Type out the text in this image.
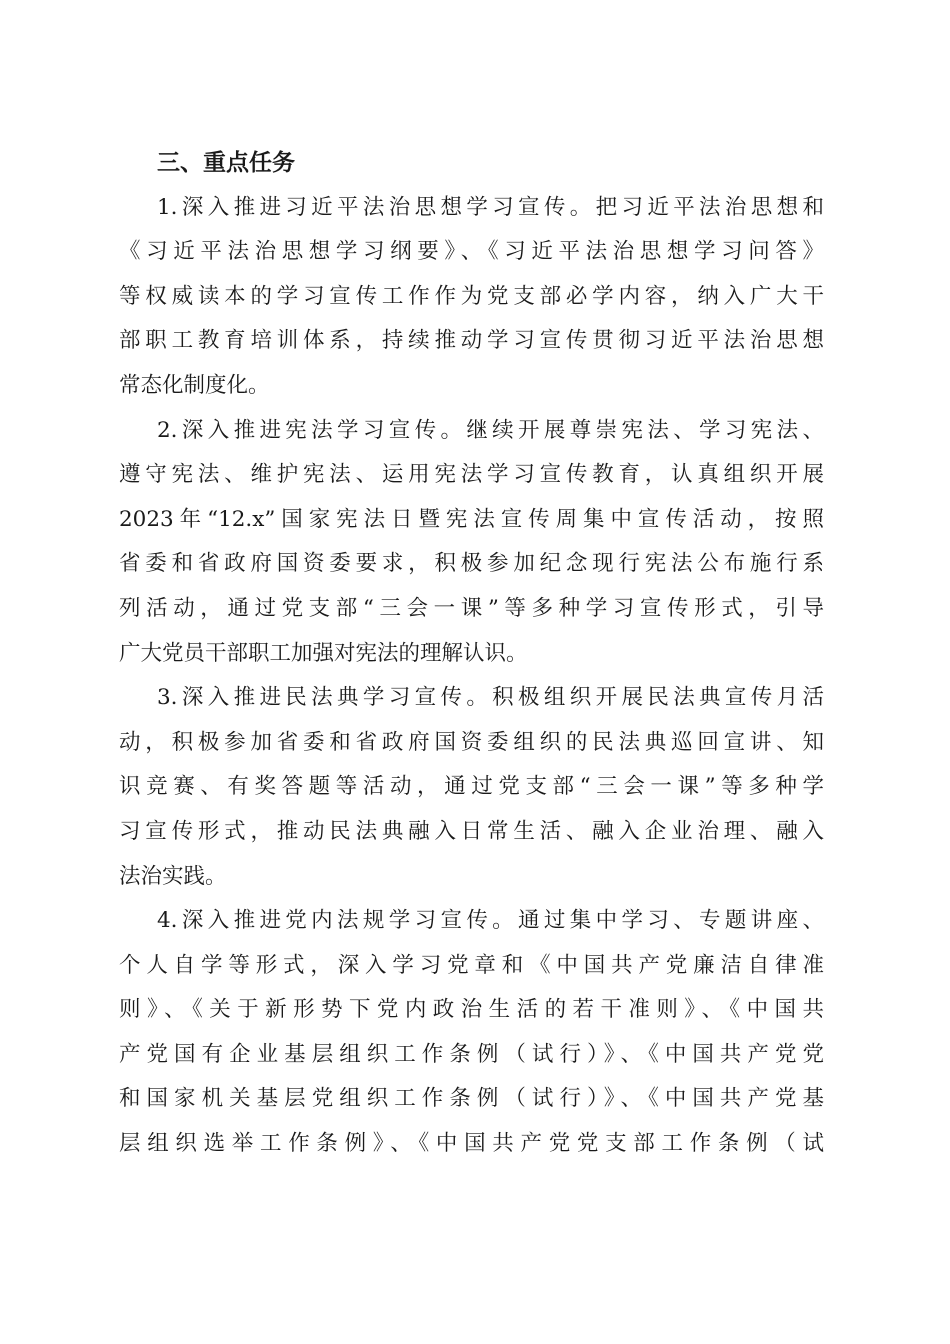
三、重点任务

1.深入推进习近平法治思想学习宣传。把习近平法治思想和
《习近平法治思想学习纲要》、《习近平法治思想学习问答》
等权威读本的学习宣传工作作为党支部必学内容，纳入广大干
部职工教育培训体系，持续推动学习宣传贯彻习近平法治思想
常态化制度化。

2.深入推进宪法学习宣传。继续开展尊崇宪法、学习宪法、
遵守宪法、维护宪法、运用宪法学习宣传教育，认真组织开展
2023年“12.x”国家宪法日暨宪法宣传周集中宣传活动，按照
省委和省政府国资委要求，积极参加纪念现行宪法公布施行系
列活动，通过党支部“三会一课”等多种学习宣传形式，引导
广大党员干部职工加强对宪法的理解认识。

3.深入推进民法典学习宣传。积极组织开展民法典宣传月活
动，积极参加省委和省政府国资委组织的民法典巡回宣讲、知
识竞赛、有奖答题等活动，通过党支部“三会一课”等多种学
习宣传形式，推动民法典融入日常生活、融入企业治理、融入
法治实践。

4.深入推进党内法规学习宣传。通过集中学习、专题讲座、
个人自学等形式，深入学习党章和《中国共产党廉洁自律准
则》、《关于新形势下党内政治生活的若干准则》、《中国共
产党国有企业基层组织工作条例（试行）》、《中国共产党党
和国家机关基层党组织工作条例（试行）》、《中国共产党基
层组织选举工作条例》、《中国共产党党支部工作条例（试
